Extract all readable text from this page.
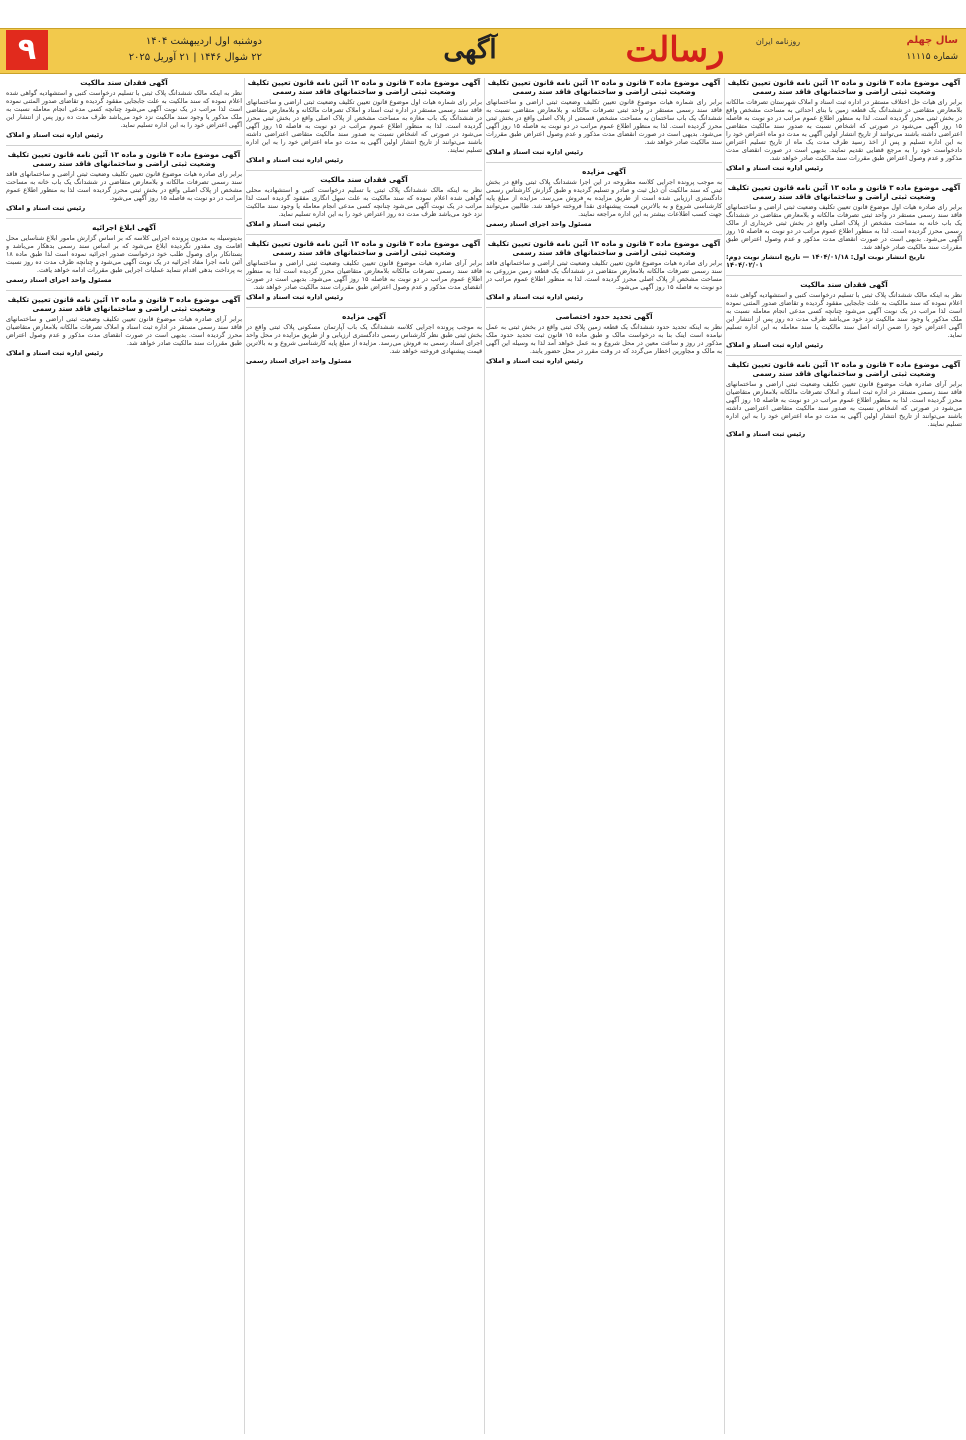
۹	دوشنبه اول اردیبهشت ۱۴۰۴
۲۲ شوال ۱۴۴۶ | ۲۱ آوریل ۲۰۲۵	آگهی	رسالت	روزنامه ایران	سال چهلم
شماره ۱۱۱۱۵
آگهی موضوع ماده ۳ قانون و ماده ۱۳ آئین نامه قانون تعیین تکلیف وضعیت ثبتی اراضی و ساختمانهای فاقد سند رسمی

برابر رای هیات حل اختلاف مستقر در اداره ثبت اسناد و املاک شهرستان تصرفات مالکانه بلامعارض متقاضی در ششدانگ یک قطعه زمین با بنای احداثی به مساحت مشخص واقع در بخش ثبتی محرز گردیده است. لذا به منظور اطلاع عموم مراتب در دو نوبت به فاصله ۱۵ روز آگهی می‌شود در صورتی که اشخاص نسبت به صدور سند مالکیت متقاضی اعتراضی داشته باشند می‌توانند از تاریخ انتشار اولین آگهی به مدت دو ماه اعتراض خود را به این اداره تسلیم و پس از اخذ رسید ظرف مدت یک ماه از تاریخ تسلیم اعتراض دادخواست خود را به مرجع قضایی تقدیم نمایند. بدیهی است در صورت انقضای مدت مذکور و عدم وصول اعتراض طبق مقررات سند مالکیت صادر خواهد شد.

رئیس اداره ثبت اسناد و املاک
آگهی موضوع ماده ۳ قانون و ماده ۱۳ آئین نامه قانون تعیین تکلیف وضعیت ثبتی اراضی و ساختمانهای فاقد سند رسمی

برابر رای صادره هیات اول موضوع قانون تعیین تکلیف وضعیت ثبتی اراضی و ساختمانهای فاقد سند رسمی مستقر در واحد ثبتی تصرفات مالکانه و بلامعارض متقاضی در ششدانگ یک باب خانه به مساحت مشخص از پلاک اصلی واقع در بخش ثبتی خریداری از مالک رسمی محرز گردیده است. لذا به منظور اطلاع عموم مراتب در دو نوبت به فاصله ۱۵ روز آگهی می‌شود. بدیهی است در صورت انقضای مدت مذکور و عدم وصول اعتراض طبق مقررات سند مالکیت صادر خواهد شد.

تاریخ انتشار نوبت اول: ۱۴۰۴/۰۱/۱۸ — تاریخ انتشار نوبت دوم: ۱۴۰۴/۰۲/۰۱
آگهی فقدان سند مالکیت

نظر به اینکه مالک ششدانگ پلاک ثبتی با تسلیم درخواست کتبی و استشهادیه گواهی شده اعلام نموده که سند مالکیت به علت جابجایی مفقود گردیده و تقاضای صدور المثنی نموده است لذا مراتب در یک نوبت آگهی می‌شود چنانچه کسی مدعی انجام معامله نسبت به ملک مذکور یا وجود سند مالکیت نزد خود می‌باشد ظرف مدت ده روز پس از انتشار این آگهی اعتراض خود را ضمن ارائه اصل سند مالکیت یا سند معامله به این اداره تسلیم نماید.

رئیس اداره ثبت اسناد و املاک
آگهی موضوع ماده ۳ قانون و ماده ۱۳ آئین نامه قانون تعیین تکلیف وضعیت ثبتی اراضی و ساختمانهای فاقد سند رسمی

برابر آرای صادره هیات موضوع قانون تعیین تکلیف وضعیت ثبتی اراضی و ساختمانهای فاقد سند رسمی مستقر در اداره ثبت اسناد و املاک تصرفات مالکانه بلامعارض متقاضیان محرز گردیده است. لذا به منظور اطلاع عموم مراتب در دو نوبت به فاصله ۱۵ روز آگهی می‌شود در صورتی که اشخاص نسبت به صدور سند مالکیت متقاضی اعتراضی داشته باشند می‌توانند از تاریخ انتشار اولین آگهی به مدت دو ماه اعتراض خود را به این اداره تسلیم نمایند.

رئیس ثبت اسناد و املاک
آگهی موضوع ماده ۳ قانون و ماده ۱۳ آئین نامه قانون تعیین تکلیف وضعیت ثبتی اراضی و ساختمانهای فاقد سند رسمی

برابر رای شماره هیات موضوع قانون تعیین تکلیف وضعیت ثبتی اراضی و ساختمانهای فاقد سند رسمی مستقر در واحد ثبتی تصرفات مالکانه و بلامعارض متقاضی نسبت به ششدانگ یک باب ساختمان به مساحت مشخص قسمتی از پلاک اصلی واقع در بخش ثبتی محرز گردیده است. لذا به منظور اطلاع عموم مراتب در دو نوبت به فاصله ۱۵ روز آگهی می‌شود. بدیهی است در صورت انقضای مدت مذکور و عدم وصول اعتراض طبق مقررات سند مالکیت صادر خواهد شد.

رئیس اداره ثبت اسناد و املاک
آگهی مزایده

به موجب پرونده اجرایی کلاسه مطروحه در این اجرا ششدانگ پلاک ثبتی واقع در بخش ثبتی که سند مالکیت آن ذیل ثبت و صادر و تسلیم گردیده و طبق گزارش کارشناس رسمی دادگستری ارزیابی شده است از طریق مزایده به فروش می‌رسد. مزایده از مبلغ پایه کارشناسی شروع و به بالاترین قیمت پیشنهادی نقداً فروخته خواهد شد. طالبین می‌توانند جهت کسب اطلاعات بیشتر به این اداره مراجعه نمایند.

مسئول واحد اجرای اسناد رسمی
آگهی موضوع ماده ۳ قانون و ماده ۱۳ آئین نامه قانون تعیین تکلیف وضعیت ثبتی اراضی و ساختمانهای فاقد سند رسمی

برابر رای صادره هیات موضوع قانون تعیین تکلیف وضعیت ثبتی اراضی و ساختمانهای فاقد سند رسمی تصرفات مالکانه بلامعارض متقاضی در ششدانگ یک قطعه زمین مزروعی به مساحت مشخص از پلاک اصلی محرز گردیده است. لذا به منظور اطلاع عموم مراتب در دو نوبت به فاصله ۱۵ روز آگهی می‌شود.

رئیس اداره ثبت اسناد و املاک
آگهی تحدید حدود اختصاصی

نظر به اینکه تحدید حدود ششدانگ یک قطعه زمین پلاک ثبتی واقع در بخش ثبتی به عمل نیامده است اینک بنا به درخواست مالک و طبق ماده ۱۵ قانون ثبت تحدید حدود ملک مذکور در روز و ساعت معین در محل شروع و به عمل خواهد آمد لذا به وسیله این آگهی به مالک و مجاورین اخطار می‌گردد که در وقت مقرر در محل حضور یابند.

رئیس اداره ثبت اسناد و املاک
آگهی موضوع ماده ۳ قانون و ماده ۱۳ آئین نامه قانون تعیین تکلیف وضعیت ثبتی اراضی و ساختمانهای فاقد سند رسمی

برابر رای شماره هیات اول موضوع قانون تعیین تکلیف وضعیت ثبتی اراضی و ساختمانهای فاقد سند رسمی مستقر در اداره ثبت اسناد و املاک تصرفات مالکانه و بلامعارض متقاضی در ششدانگ یک باب مغازه به مساحت مشخص از پلاک اصلی واقع در بخش ثبتی محرز گردیده است. لذا به منظور اطلاع عموم مراتب در دو نوبت به فاصله ۱۵ روز آگهی می‌شود در صورتی که اشخاص نسبت به صدور سند مالکیت متقاضی اعتراضی داشته باشند می‌توانند از تاریخ انتشار اولین آگهی به مدت دو ماه اعتراض خود را به این اداره تسلیم نمایند.

رئیس اداره ثبت اسناد و املاک
آگهی فقدان سند مالکیت

نظر به اینکه مالک ششدانگ پلاک ثبتی با تسلیم درخواست کتبی و استشهادیه محلی گواهی شده اعلام نموده که سند مالکیت به علت سهل انگاری مفقود گردیده است لذا مراتب در یک نوبت آگهی می‌شود چنانچه کسی مدعی انجام معامله یا وجود سند مالکیت نزد خود می‌باشد ظرف مدت ده روز اعتراض خود را به این اداره تسلیم نماید.

رئیس ثبت اسناد و املاک
آگهی موضوع ماده ۳ قانون و ماده ۱۳ آئین نامه قانون تعیین تکلیف وضعیت ثبتی اراضی و ساختمانهای فاقد سند رسمی

برابر آرای صادره هیات موضوع قانون تعیین تکلیف وضعیت ثبتی اراضی و ساختمانهای فاقد سند رسمی تصرفات مالکانه بلامعارض متقاضیان محرز گردیده است لذا به منظور اطلاع عموم مراتب در دو نوبت به فاصله ۱۵ روز آگهی می‌شود. بدیهی است در صورت انقضای مدت مذکور و عدم وصول اعتراض طبق مقررات سند مالکیت صادر خواهد شد.

رئیس اداره ثبت اسناد و املاک
آگهی مزایده

به موجب پرونده اجرایی کلاسه ششدانگ یک باب آپارتمان مسکونی پلاک ثبتی واقع در بخش ثبتی طبق نظر کارشناس رسمی دادگستری ارزیابی و از طریق مزایده در محل واحد اجرای اسناد رسمی به فروش می‌رسد. مزایده از مبلغ پایه کارشناسی شروع و به بالاترین قیمت پیشنهادی فروخته خواهد شد.

مسئول واحد اجرای اسناد رسمی
آگهی فقدان سند مالکیت

نظر به اینکه مالک ششدانگ پلاک ثبتی با تسلیم درخواست کتبی و استشهادیه گواهی شده اعلام نموده که سند مالکیت به علت جابجایی مفقود گردیده و تقاضای صدور المثنی نموده است لذا مراتب در یک نوبت آگهی می‌شود چنانچه کسی مدعی انجام معامله نسبت به ملک مذکور یا وجود سند مالکیت نزد خود می‌باشد ظرف مدت ده روز پس از انتشار این آگهی اعتراض خود را به این اداره تسلیم نماید.

رئیس اداره ثبت اسناد و املاک
آگهی موضوع ماده ۳ قانون و ماده ۱۳ آئین نامه قانون تعیین تکلیف وضعیت ثبتی اراضی و ساختمانهای فاقد سند رسمی

برابر رای صادره هیات موضوع قانون تعیین تکلیف وضعیت ثبتی اراضی و ساختمانهای فاقد سند رسمی تصرفات مالکانه و بلامعارض متقاضی در ششدانگ یک باب خانه به مساحت مشخص از پلاک اصلی واقع در بخش ثبتی محرز گردیده است لذا به منظور اطلاع عموم مراتب در دو نوبت به فاصله ۱۵ روز آگهی می‌شود.

رئیس ثبت اسناد و املاک
آگهی ابلاغ اجرائیه

بدینوسیله به مدیون پرونده اجرایی کلاسه که بر اساس گزارش مامور ابلاغ شناسایی محل اقامت وی مقدور نگردیده ابلاغ می‌شود که بر اساس سند رسمی بدهکار می‌باشد و بستانکار برای وصول طلب خود درخواست صدور اجرائیه نموده است لذا طبق ماده ۱۸ آئین نامه اجرا مفاد اجرائیه در یک نوبت آگهی می‌شود و چنانچه ظرف مدت ده روز نسبت به پرداخت بدهی اقدام ننماید عملیات اجرایی طبق مقررات ادامه خواهد یافت.

مسئول واحد اجرای اسناد رسمی
آگهی موضوع ماده ۳ قانون و ماده ۱۳ آئین نامه قانون تعیین تکلیف وضعیت ثبتی اراضی و ساختمانهای فاقد سند رسمی

برابر آرای صادره هیات موضوع قانون تعیین تکلیف وضعیت ثبتی اراضی و ساختمانهای فاقد سند رسمی مستقر در اداره ثبت اسناد و املاک تصرفات مالکانه بلامعارض متقاضیان محرز گردیده است. بدیهی است در صورت انقضای مدت مذکور و عدم وصول اعتراض طبق مقررات سند مالکیت صادر خواهد شد.

رئیس اداره ثبت اسناد و املاک
